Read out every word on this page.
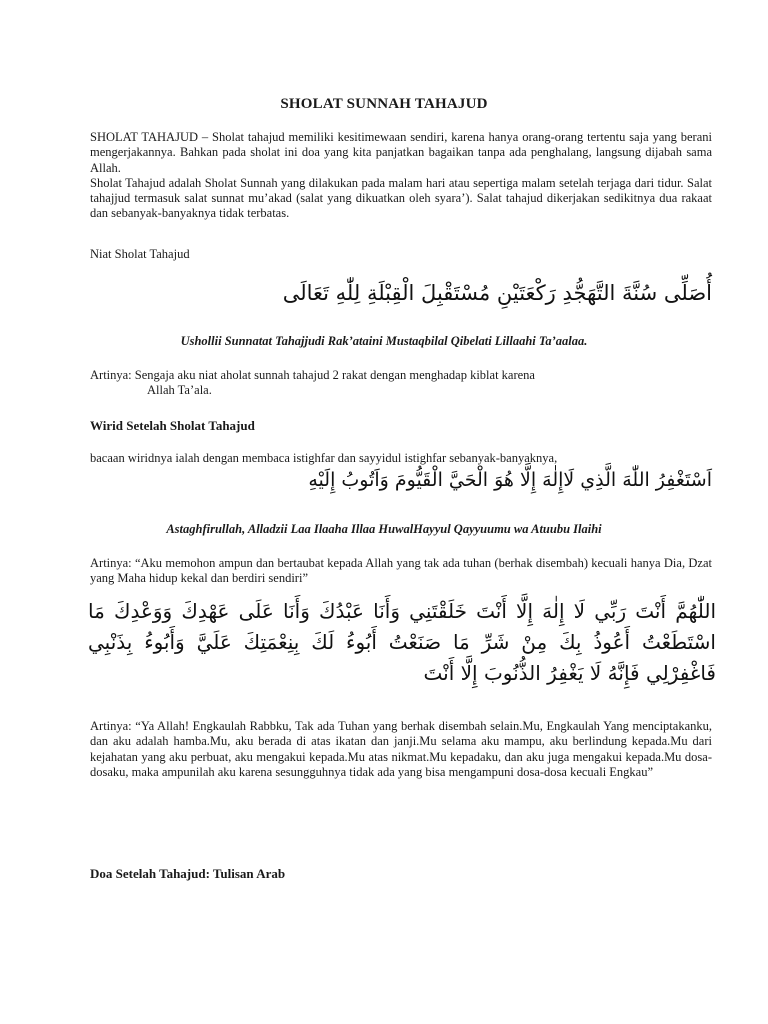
SHOLAT SUNNAH TAHAJUD

SHOLAT TAHAJUD – Sholat tahajud memiliki kesitimewaan sendiri, karena hanya orang-orang tertentu saja yang berani mengerjakannya. Bahkan pada sholat ini doa yang kita panjatkan bagaikan tanpa ada penghalang, langsung dijabah sama Allah.

Sholat Tahajud adalah Sholat Sunnah yang dilakukan pada malam hari atau sepertiga malam setelah terjaga dari tidur. Salat tahajjud termasuk salat sunnat mu’akad (salat yang dikuatkan oleh syara’). Salat tahajud dikerjakan sedikitnya dua rakaat dan sebanyak-banyaknya tidak terbatas.

Niat Sholat Tahajud
أُصَلِّى سُنَّةَ التَّهَجُّدِ رَكْعَتَيْنِ مُسْتَقْبِلَ الْقِبْلَةِ لِلّٰهِ تَعَالَى
Ushollii Sunnatat Tahajjudi Rak’ataini Mustaqbilal Qibelati Lillaahi Ta’aalaa.

Artinya: Sengaja aku niat aholat sunnah tahajud 2 rakat dengan menghadap kiblat karena

Allah Ta’ala.

Wirid Setelah Sholat Tahajud
bacaan wiridnya ialah dengan membaca istighfar dan sayyidul istighfar sebanyak-banyaknya,
اَسْتَغْفِرُ اللّٰهَ الَّذِي لَاإِلٰهَ إِلَّا هُوَ الْحَيَّ الْقَيُّومَ وَاَتُوبُ إِلَيْهِ
Astaghfirullah, Alladzii Laa Ilaaha Illaa HuwalHayyul Qayyuumu wa Atuubu Ilaihi
Artinya: “Aku memohon ampun dan bertaubat kepada Allah yang tak ada tuhan (berhak disembah) kecuali hanya Dia, Dzat yang Maha hidup kekal dan berdiri sendiri”
اللّٰهُمَّ أَنْتَ رَبِّي لَا إِلٰهَ إِلَّا أَنْتَ خَلَقْتَنِي وَأَنَا عَبْدُكَ وَأَنَا عَلَى عَهْدِكَ وَوَعْدِكَ مَا اسْتَطَعْتُ أَعُوذُ بِكَ مِنْ شَرِّ مَا صَنَعْتُ أَبُوءُ لَكَ بِنِعْمَتِكَ عَلَيَّ وَأَبُوءُ بِذَنْبِي فَاغْفِرْلِي فَإِنَّهُ لَا يَغْفِرُ الذُّنُوبَ إِلَّا أَنْتَ
Artinya: “Ya Allah! Engkaulah Rabbku, Tak ada Tuhan yang berhak disembah selain.Mu, Engkaulah Yang menciptakanku, dan aku adalah hamba.Mu, aku berada di atas ikatan dan janji.Mu selama aku mampu, aku berlindung kepada.Mu dari kejahatan yang aku perbuat, aku mengakui kepada.Mu atas nikmat.Mu kepadaku, dan aku juga mengakui kepada.Mu dosa-dosaku, maka ampunilah aku karena sesungguhnya tidak ada yang bisa mengampuni dosa-dosa kecuali Engkau”
Doa Setelah Tahajud: Tulisan Arab
